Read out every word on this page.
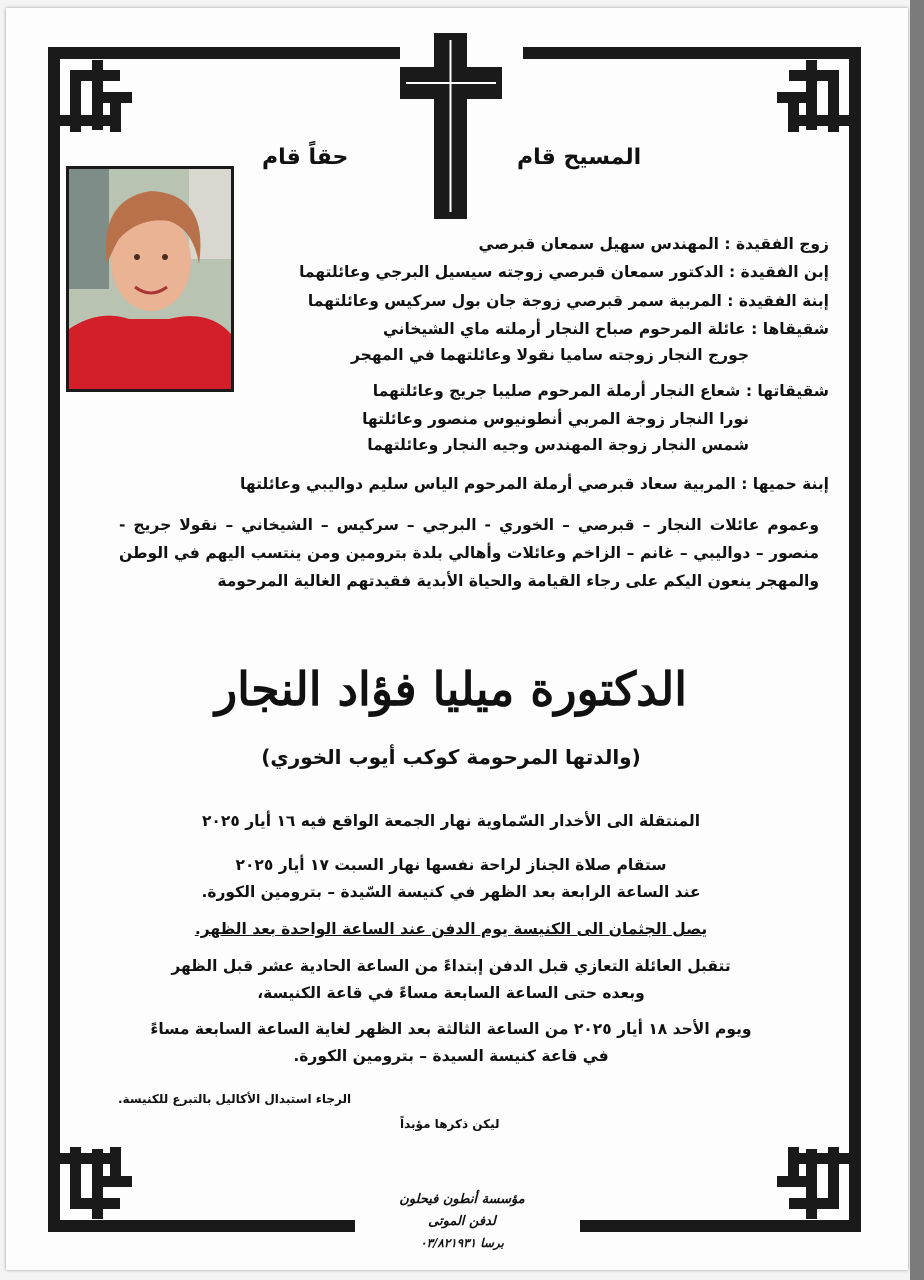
حقاً قام	المسيح قام
زوج الفقيدة : المهندس سهيل سمعان قبرصي
إبن الفقيدة : الدكتور سمعان قبرصي زوجته سيسيل البرجي وعائلتهما
إبنة الفقيدة : المربية سمر قبرصي زوجة جان بول سركيس وعائلتهما
شقيقاها : عائلة المرحوم صباح النجار أرملته ماي الشيخاني
جورج النجار زوجته ساميا نقولا وعائلتهما في المهجر
شقيقاتها : شعاع النجار أرملة المرحوم صليبا جريج وعائلتهما
نورا النجار زوجة المربي أنطونيوس منصور وعائلتها
شمس النجار زوجة المهندس وجيه النجار وعائلتهما
إبنة حميها : المربية سعاد قبرصي أرملة المرحوم الياس سليم دواليبي وعائلتها
وعموم عائلات النجار – قبرصي – الخوري - البرجي – سركيس – الشيخاني – نقولا جريج - منصور – دواليبي – غانم – الزاخم وعائلات وأهالي بلدة بترومين ومن ينتسب اليهم في الوطن والمهجر ينعون اليكم على رجاء القيامة والحياة الأبدية فقيدتهم الغالية المرحومة
الدكتورة ميليا فؤاد النجار
(والدتها المرحومة كوكب أيوب الخوري)
المنتقلة الى الأخدار السّماوية نهار الجمعة الواقع فيه ١٦ أيار ٢٠٢٥
ستقام صلاة الجناز لراحة نفسها نهار السبت ١٧ أيار ٢٠٢٥
عند الساعة الرابعة بعد الظهر في كنيسة السّيدة – بترومين الكورة.
يصل الجثمان الى الكنيسة يوم الدفن عند الساعة الواحدة بعد الظهر.
تتقبل العائلة التعازي قبل الدفن إبتداءً من الساعة الحادية عشر قبل الظهر
وبعده حتى الساعة السابعة مساءً في قاعة الكنيسة،
ويوم الأحد ١٨ أيار ٢٠٢٥ من الساعة الثالثة بعد الظهر لغاية الساعة السابعة مساءً
في قاعة كنيسة السيدة – بترومين الكورة.
الرجاء استبدال الأكاليل بالتبرع للكنيسة.
ليكن ذكرها مؤبداً
مؤسسة أنطون فيحلون
لدفن الموتى
برسا ٠٣/٨٢١٩٣١
